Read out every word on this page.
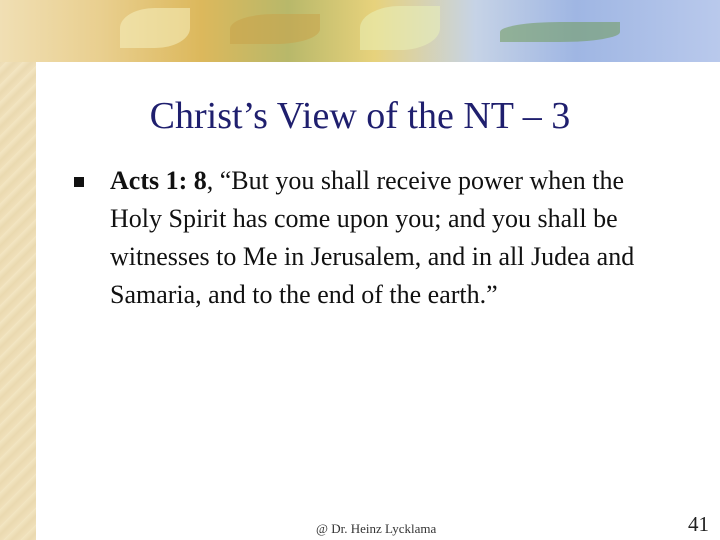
Christ’s View of the NT – 3
Acts 1: 8, “But you shall receive power when the Holy Spirit has come upon you; and you shall be witnesses to Me in Jerusalem, and in all Judea and Samaria, and to the end of the earth.”
@ Dr. Heinz Lycklama	41
